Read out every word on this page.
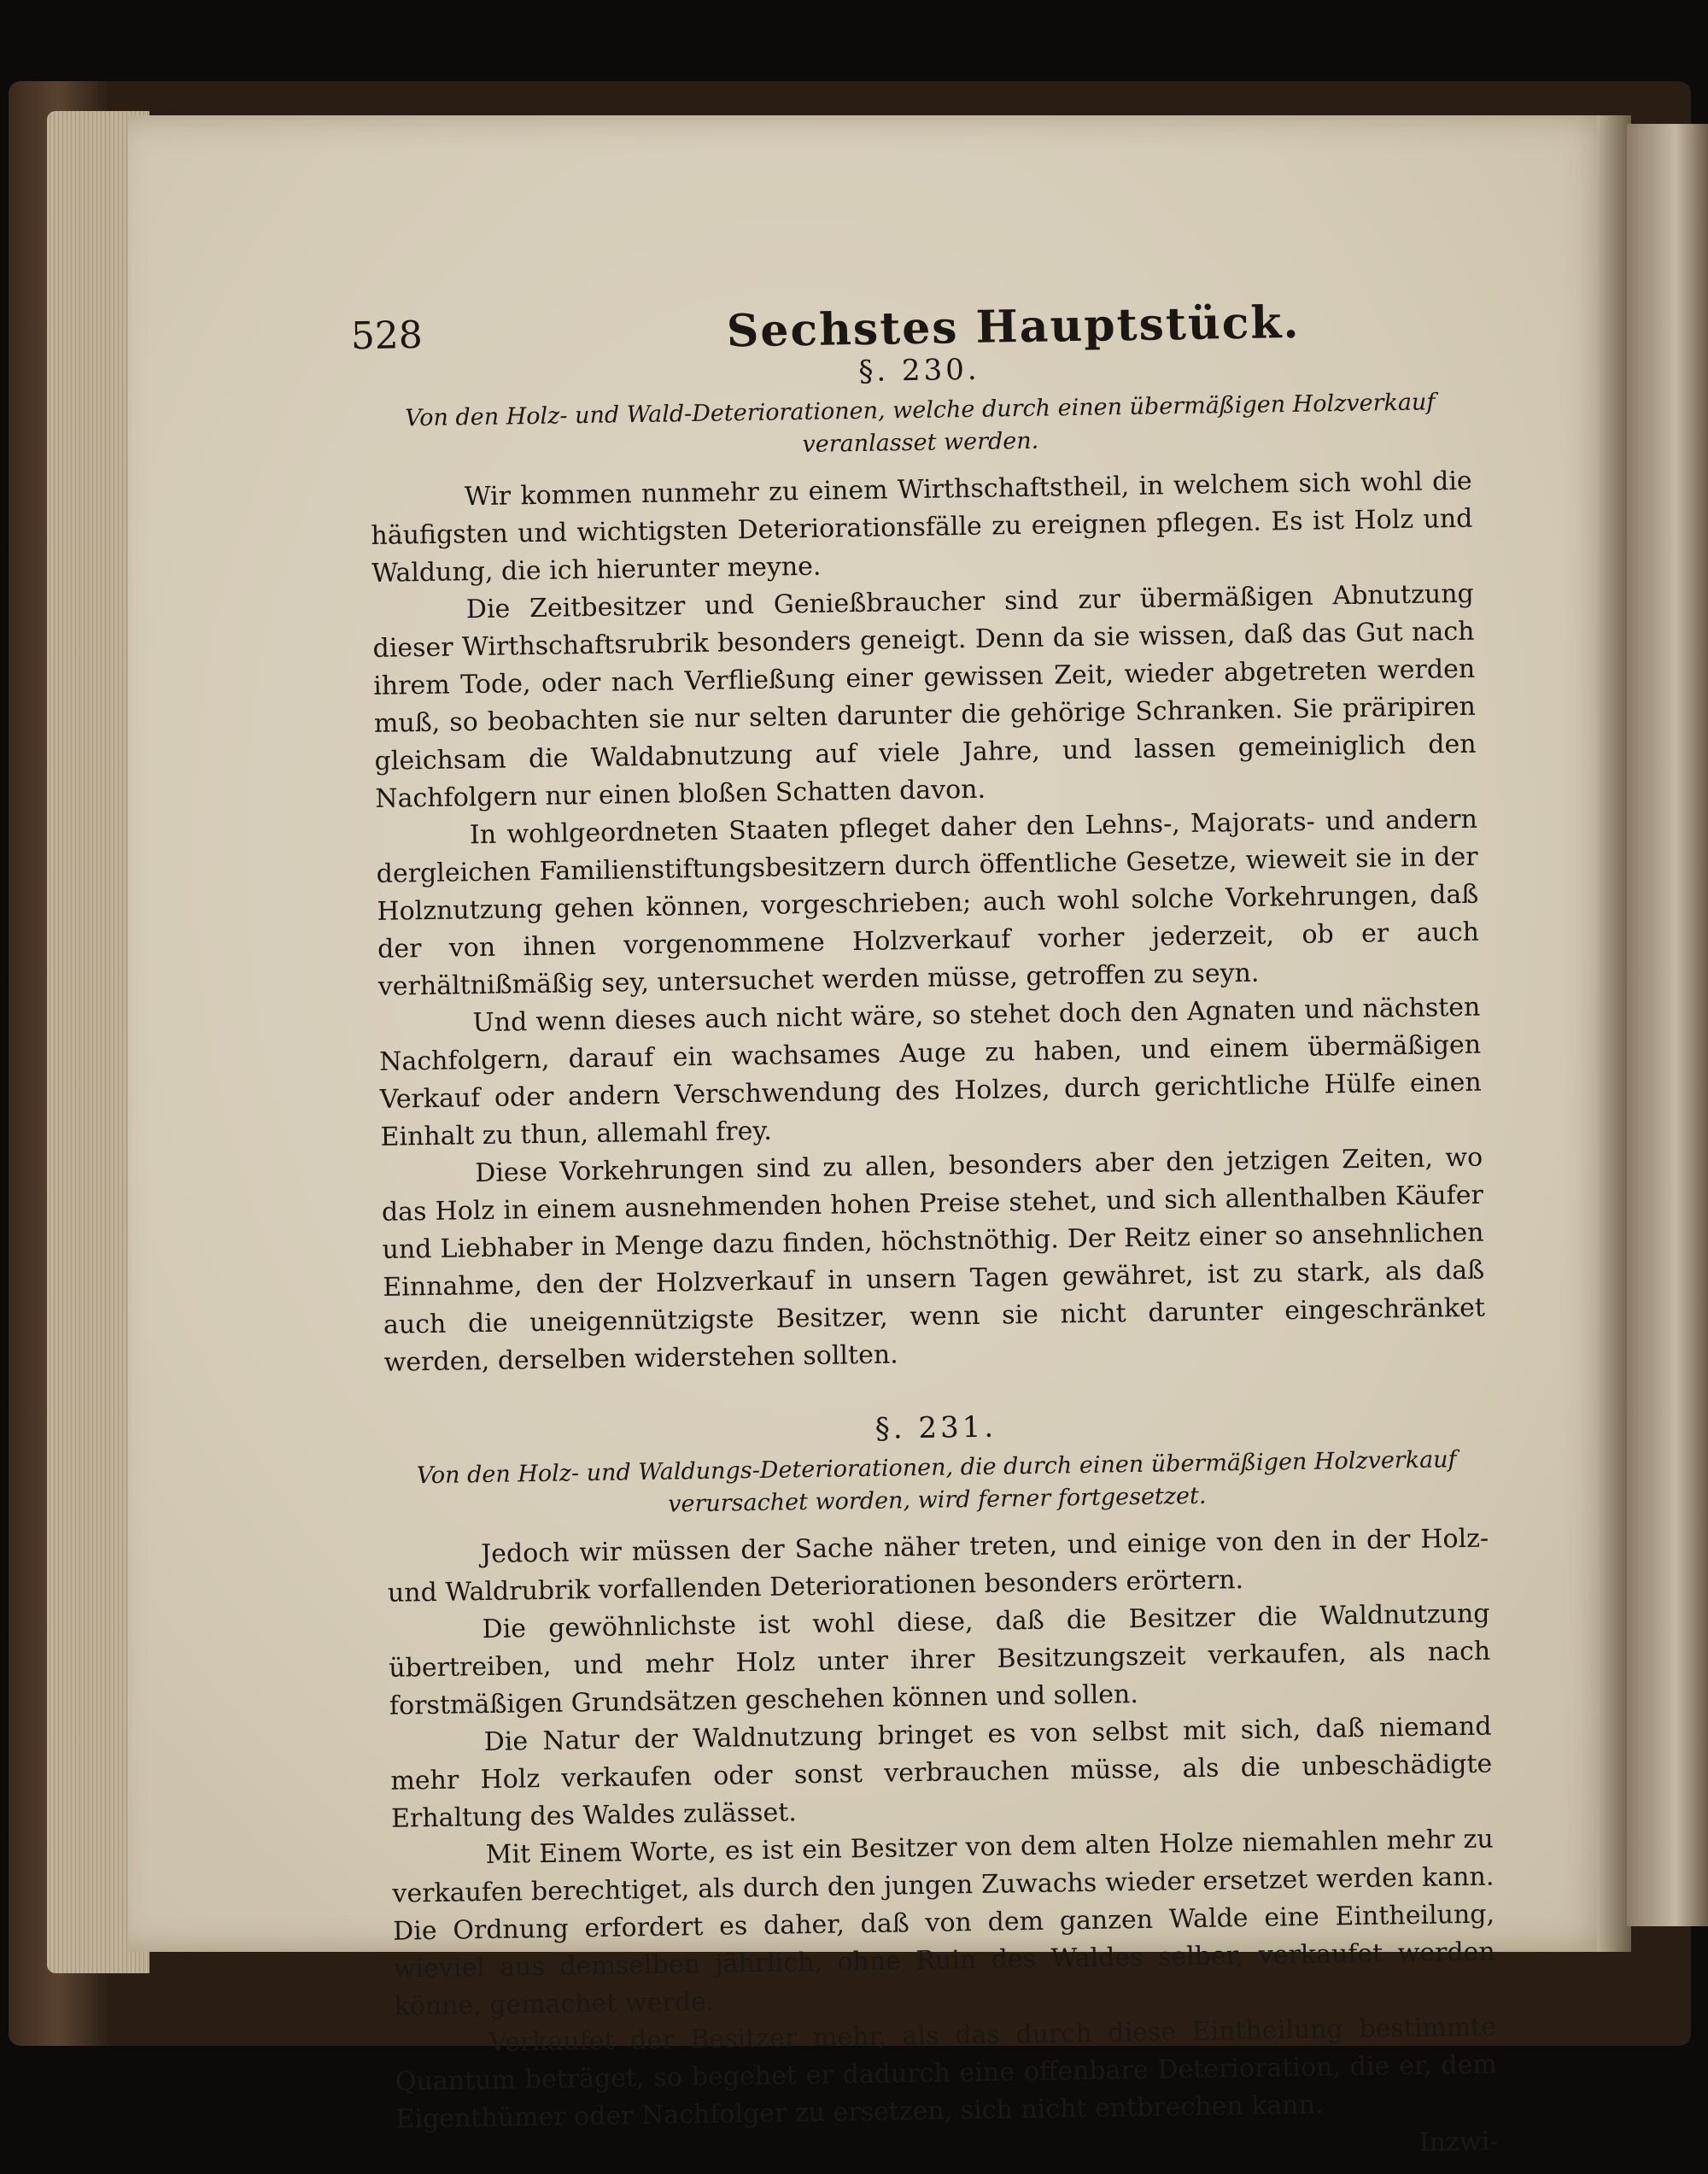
528	Sechstes Hauptstück.
§. 230.
Von den Holz- und Wald-Deteriorationen, welche durch einen übermäßigen Holzverkauf veranlasset werden.

Wir kommen nunmehr zu einem Wirthschaftstheil, in welchem sich wohl die häufigsten und wichtigsten Deteriorationsfälle zu ereignen pflegen. Es ist Holz und Waldung, die ich hierunter meyne.

Die Zeitbesitzer und Genießbraucher sind zur übermäßigen Abnutzung dieser Wirthschaftsrubrik besonders geneigt. Denn da sie wissen, daß das Gut nach ihrem Tode, oder nach Verfließung einer gewissen Zeit, wieder abgetreten werden muß, so beobachten sie nur selten darunter die gehörige Schranken. Sie präripiren gleichsam die Waldabnutzung auf viele Jahre, und lassen gemeiniglich den Nachfolgern nur einen bloßen Schatten davon.

In wohlgeordneten Staaten pfleget daher den Lehns-, Majorats- und andern dergleichen Familienstiftungsbesitzern durch öffentliche Gesetze, wieweit sie in der Holznutzung gehen können, vorgeschrieben; auch wohl solche Vorkehrungen, daß der von ihnen vorgenommene Holzverkauf vorher jederzeit, ob er auch verhältnißmäßig sey, untersuchet werden müsse, getroffen zu seyn.

Und wenn dieses auch nicht wäre, so stehet doch den Agnaten und nächsten Nachfolgern, darauf ein wachsames Auge zu haben, und einem übermäßigen Verkauf oder andern Verschwendung des Holzes, durch gerichtliche Hülfe einen Einhalt zu thun, allemahl frey.

Diese Vorkehrungen sind zu allen, besonders aber den jetzigen Zeiten, wo das Holz in einem ausnehmenden hohen Preise stehet, und sich allenthalben Käufer und Liebhaber in Menge dazu finden, höchstnöthig. Der Reitz einer so ansehnlichen Einnahme, den der Holzverkauf in unsern Tagen gewähret, ist zu stark, als daß auch die uneigennützigste Besitzer, wenn sie nicht darunter eingeschränket werden, derselben widerstehen sollten.

§. 231.
Von den Holz- und Waldungs-Deteriorationen, die durch einen übermäßigen Holzverkauf verursachet worden, wird ferner fortgesetzet.

Jedoch wir müssen der Sache näher treten, und einige von den in der Holz- und Waldrubrik vorfallenden Deteriorationen besonders erörtern.

Die gewöhnlichste ist wohl diese, daß die Besitzer die Waldnutzung übertreiben, und mehr Holz unter ihrer Besitzungszeit verkaufen, als nach forstmäßigen Grundsätzen geschehen können und sollen.

Die Natur der Waldnutzung bringet es von selbst mit sich, daß niemand mehr Holz verkaufen oder sonst verbrauchen müsse, als die unbeschädigte Erhaltung des Waldes zulässet.

Mit Einem Worte, es ist ein Besitzer von dem alten Holze niemahlen mehr zu verkaufen berechtiget, als durch den jungen Zuwachs wieder ersetzet werden kann. Die Ordnung erfordert es daher, daß von dem ganzen Walde eine Eintheilung, wieviel aus demselben jährlich, ohne Ruin des Waldes selber, verkaufet werden könne, gemachet werde.

Verkaufet der Besitzer mehr, als das durch diese Eintheilung bestimmte Quantum beträget, so begehet er dadurch eine offenbare Deterioration, die er, dem Eigenthümer oder Nachfolger zu ersetzen, sich nicht entbrechen kann.

Inzwi-
